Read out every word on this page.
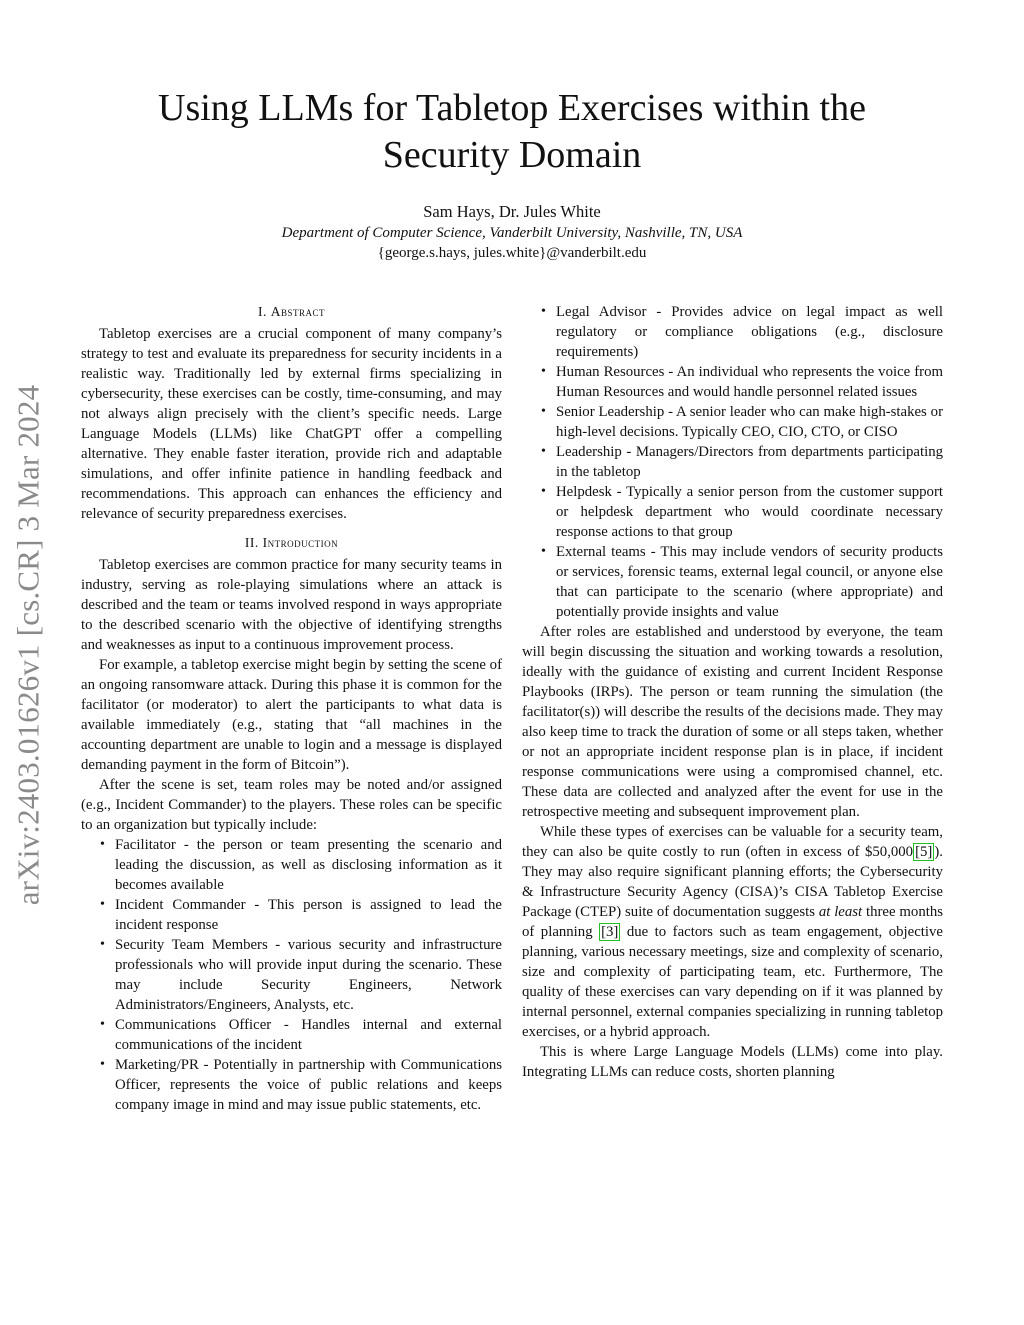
arXiv:2403.01626v1 [cs.CR] 3 Mar 2024
Using LLMs for Tabletop Exercises within the Security Domain
Sam Hays, Dr. Jules White
Department of Computer Science, Vanderbilt University, Nashville, TN, USA
{george.s.hays, jules.white}@vanderbilt.edu
I. Abstract

Tabletop exercises are a crucial component of many company’s strategy to test and evaluate its preparedness for security incidents in a realistic way. Traditionally led by external firms specializing in cybersecurity, these exercises can be costly, time-consuming, and may not always align precisely with the client’s specific needs. Large Language Models (LLMs) like ChatGPT offer a compelling alternative. They enable faster iteration, provide rich and adaptable simulations, and offer infinite patience in handling feedback and recommendations. This approach can enhances the efficiency and relevance of security preparedness exercises.

II. Introduction

Tabletop exercises are common practice for many security teams in industry, serving as role-playing simulations where an attack is described and the team or teams involved respond in ways appropriate to the described scenario with the objective of identifying strengths and weaknesses as input to a continuous improvement process.

For example, a tabletop exercise might begin by setting the scene of an ongoing ransomware attack. During this phase it is common for the facilitator (or moderator) to alert the participants to what data is available immediately (e.g., stating that “all machines in the accounting department are unable to login and a message is displayed demanding payment in the form of Bitcoin”).

After the scene is set, team roles may be noted and/or assigned (e.g., Incident Commander) to the players. These roles can be specific to an organization but typically include:

• Facilitator - the person or team presenting the scenario and leading the discussion, as well as disclosing information as it becomes available
• Incident Commander - This person is assigned to lead the incident response
• Security Team Members - various security and infrastructure professionals who will provide input during the scenario. These may include Security Engineers, Network Administrators/Engineers, Analysts, etc.
• Communications Officer - Handles internal and external communications of the incident
• Marketing/PR - Potentially in partnership with Communications Officer, represents the voice of public relations and keeps company image in mind and may issue public statements, etc.
• Legal Advisor - Provides advice on legal impact as well regulatory or compliance obligations (e.g., disclosure requirements)
• Human Resources - An individual who represents the voice from Human Resources and would handle personnel related issues
• Senior Leadership - A senior leader who can make high-stakes or high-level decisions. Typically CEO, CIO, CTO, or CISO
• Leadership - Managers/Directors from departments participating in the tabletop
• Helpdesk - Typically a senior person from the customer support or helpdesk department who would coordinate necessary response actions to that group
• External teams - This may include vendors of security products or services, forensic teams, external legal council, or anyone else that can participate to the scenario (where appropriate) and potentially provide insights and value

After roles are established and understood by everyone, the team will begin discussing the situation and working towards a resolution, ideally with the guidance of existing and current Incident Response Playbooks (IRPs). The person or team running the simulation (the facilitator(s)) will describe the results of the decisions made. They may also keep time to track the duration of some or all steps taken, whether or not an appropriate incident response plan is in place, if incident response communications were using a compromised channel, etc. These data are collected and analyzed after the event for use in the retrospective meeting and subsequent improvement plan.

While these types of exercises can be valuable for a security team, they can also be quite costly to run (often in excess of $50,000 [5] ). They may also require significant planning efforts; the Cybersecurity & Infrastructure Security Agency (CISA)’s CISA Tabletop Exercise Package (CTEP) suite of documentation suggests at least three months of planning [3] due to factors such as team engagement, objective planning, various necessary meetings, size and complexity of scenario, size and complexity of participating team, etc. Furthermore, The quality of these exercises can vary depending on if it was planned by internal personnel, external companies specializing in running tabletop exercises, or a hybrid approach.

This is where Large Language Models (LLMs) come into play. Integrating LLMs can reduce costs, shorten planning
